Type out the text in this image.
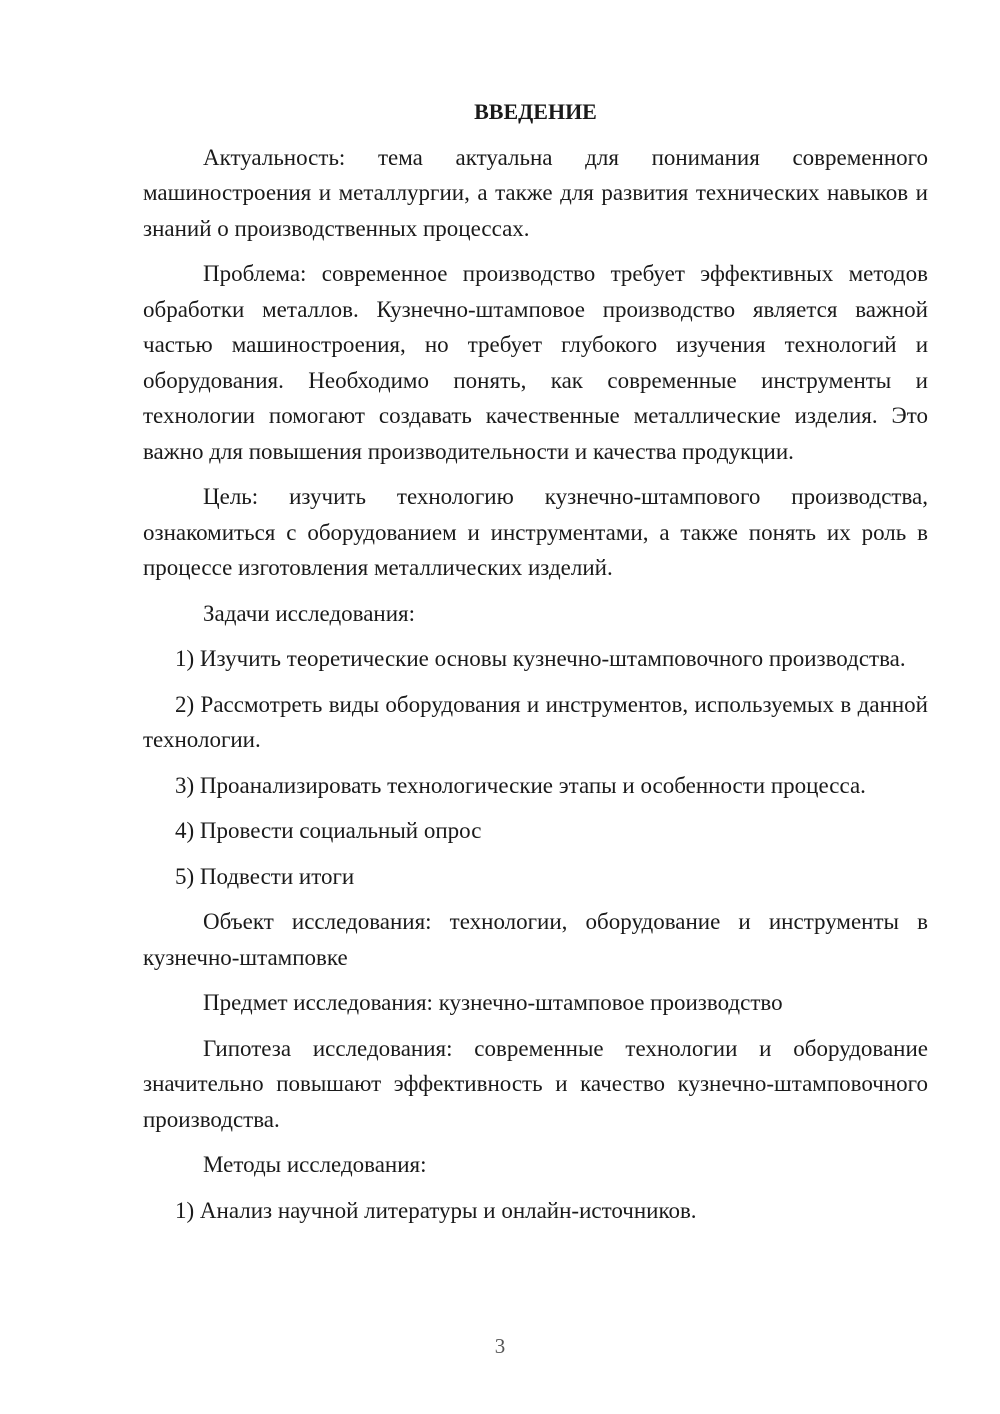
ВВЕДЕНИЕ
Актуальность: тема актуальна для понимания современного машиностроения и металлургии, а также для развития технических навыков и знаний о производственных процессах.
Проблема: современное производство требует эффективных методов обработки металлов. Кузнечно-штамповое производство является важной частью машиностроения, но требует глубокого изучения технологий и оборудования. Необходимо понять, как современные инструменты и технологии помогают создавать качественные металлические изделия. Это важно для повышения производительности и качества продукции.
Цель: изучить технологию кузнечно-штампового производства, ознакомиться с оборудованием и инструментами, а также понять их роль в процессе изготовления металлических изделий.
Задачи исследования:
1) Изучить теоретические основы кузнечно-штамповочного производства.
2) Рассмотреть виды оборудования и инструментов, используемых в данной технологии.
3) Проанализировать технологические этапы и особенности процесса.
4) Провести социальный опрос
5) Подвести итоги
Объект исследования: технологии, оборудование и инструменты в кузнечно-штамповке
Предмет исследования: кузнечно-штамповое производство
Гипотеза исследования: современные технологии и оборудование значительно повышают эффективность и качество кузнечно-штамповочного производства.
Методы исследования:
1) Анализ научной литературы и онлайн-источников.
3
